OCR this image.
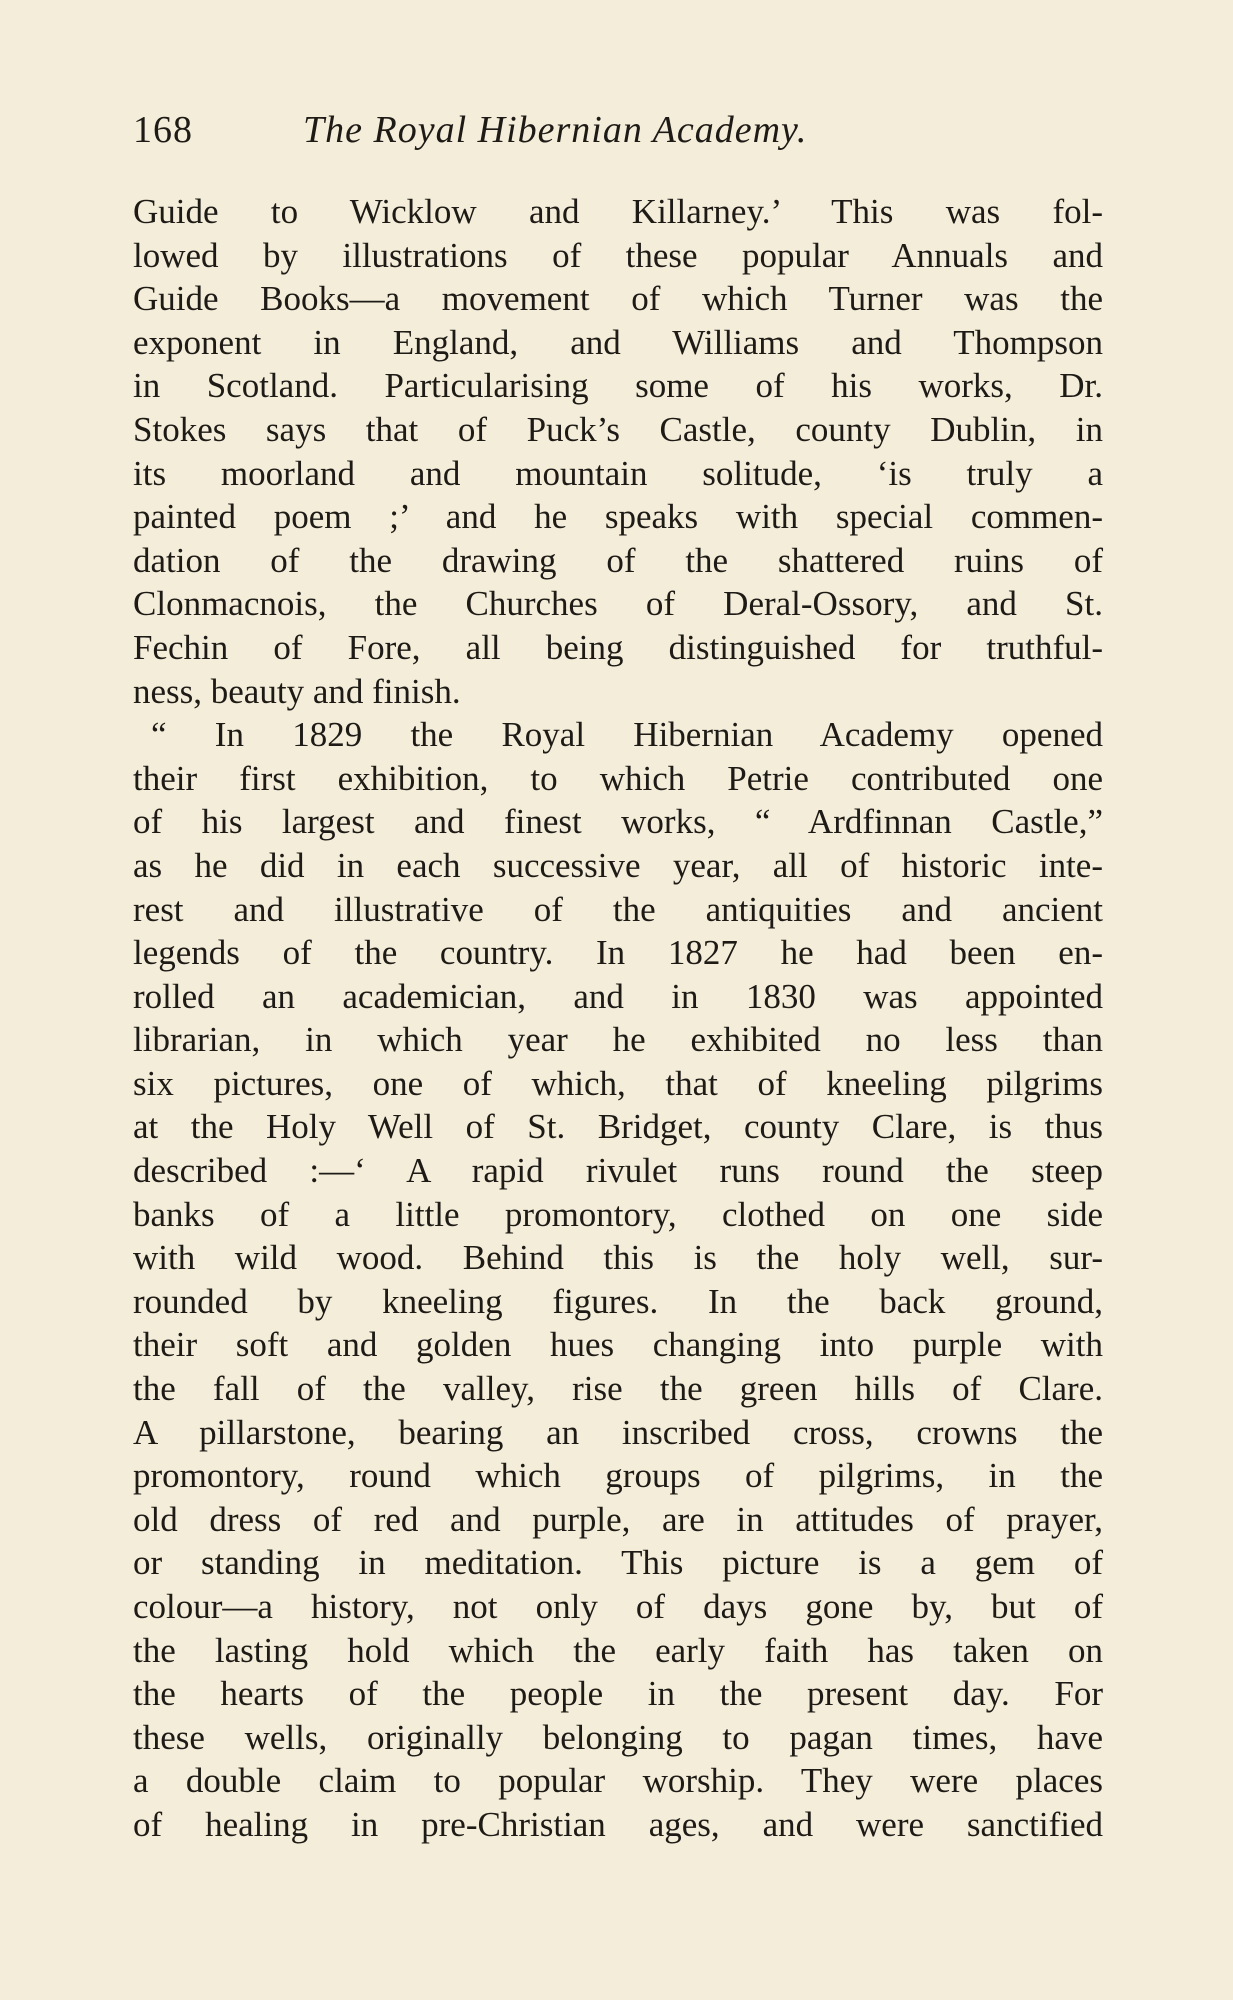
168	The Royal Hibernian Academy.
Guide to Wicklow and Killarney.’ This was fol-
lowed by illustrations of these popular Annuals and
Guide Books—a movement of which Turner was the
exponent in England, and Williams and Thompson
in Scotland. Particularising some of his works, Dr.
Stokes says that of Puck’s Castle, county Dublin, in
its moorland and mountain solitude, ‘is truly a
painted poem ;’ and he speaks with special commen-
dation of the drawing of the shattered ruins of
Clonmacnois, the Churches of Deral-Ossory, and St.
Fechin of Fore, all being distinguished for truthful-
ness, beauty and finish.
“ In 1829 the Royal Hibernian Academy opened
their first exhibition, to which Petrie contributed one
of his largest and finest works, “ Ardfinnan Castle,”
as he did in each successive year, all of historic inte-
rest and illustrative of the antiquities and ancient
legends of the country. In 1827 he had been en-
rolled an academician, and in 1830 was appointed
librarian, in which year he exhibited no less than
six pictures, one of which, that of kneeling pilgrims
at the Holy Well of St. Bridget, county Clare, is thus
described :—‘ A rapid rivulet runs round the steep
banks of a little promontory, clothed on one side
with wild wood. Behind this is the holy well, sur-
rounded by kneeling figures. In the back ground,
their soft and golden hues changing into purple with
the fall of the valley, rise the green hills of Clare.
A pillarstone, bearing an inscribed cross, crowns the
promontory, round which groups of pilgrims, in the
old dress of red and purple, are in attitudes of prayer,
or standing in meditation. This picture is a gem of
colour—a history, not only of days gone by, but of
the lasting hold which the early faith has taken on
the hearts of the people in the present day. For
these wells, originally belonging to pagan times, have
a double claim to popular worship. They were places
of healing in pre-Christian ages, and were sanctified
